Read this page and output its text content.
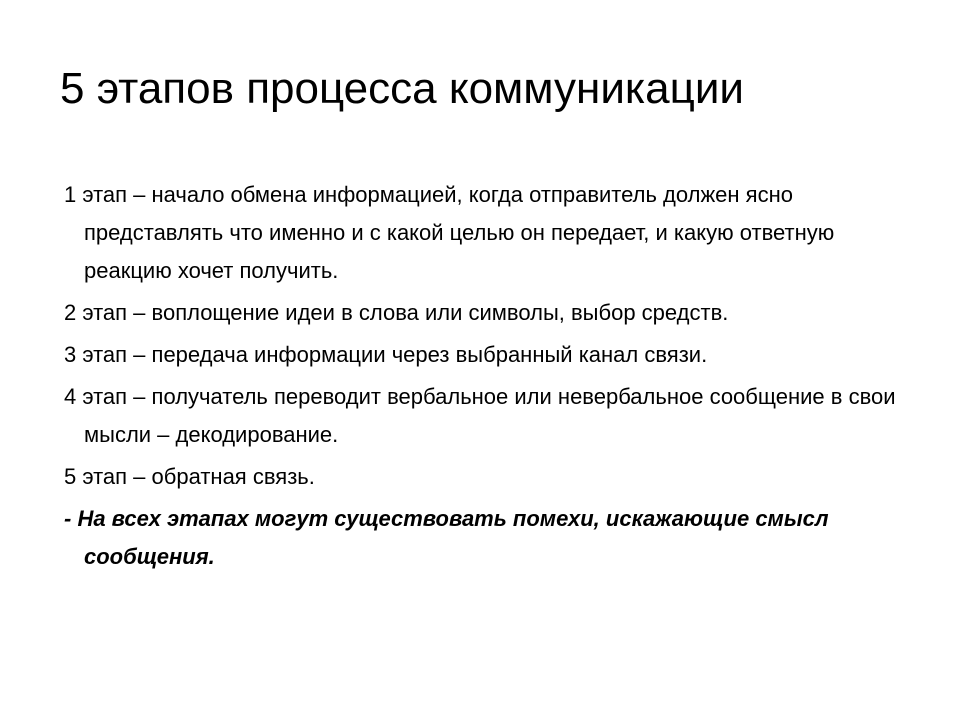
5 этапов процесса коммуникации
1 этап – начало обмена информацией, когда отправитель должен ясно представлять что именно и с какой целью он передает, и какую ответную реакцию хочет получить.
2 этап – воплощение идеи в слова или символы, выбор средств.
3 этап – передача информации через выбранный канал связи.
4 этап – получатель переводит вербальное или невербальное сообщение в свои мысли – декодирование.
5 этап – обратная связь.
- На всех этапах могут существовать помехи, искажающие смысл сообщения.
